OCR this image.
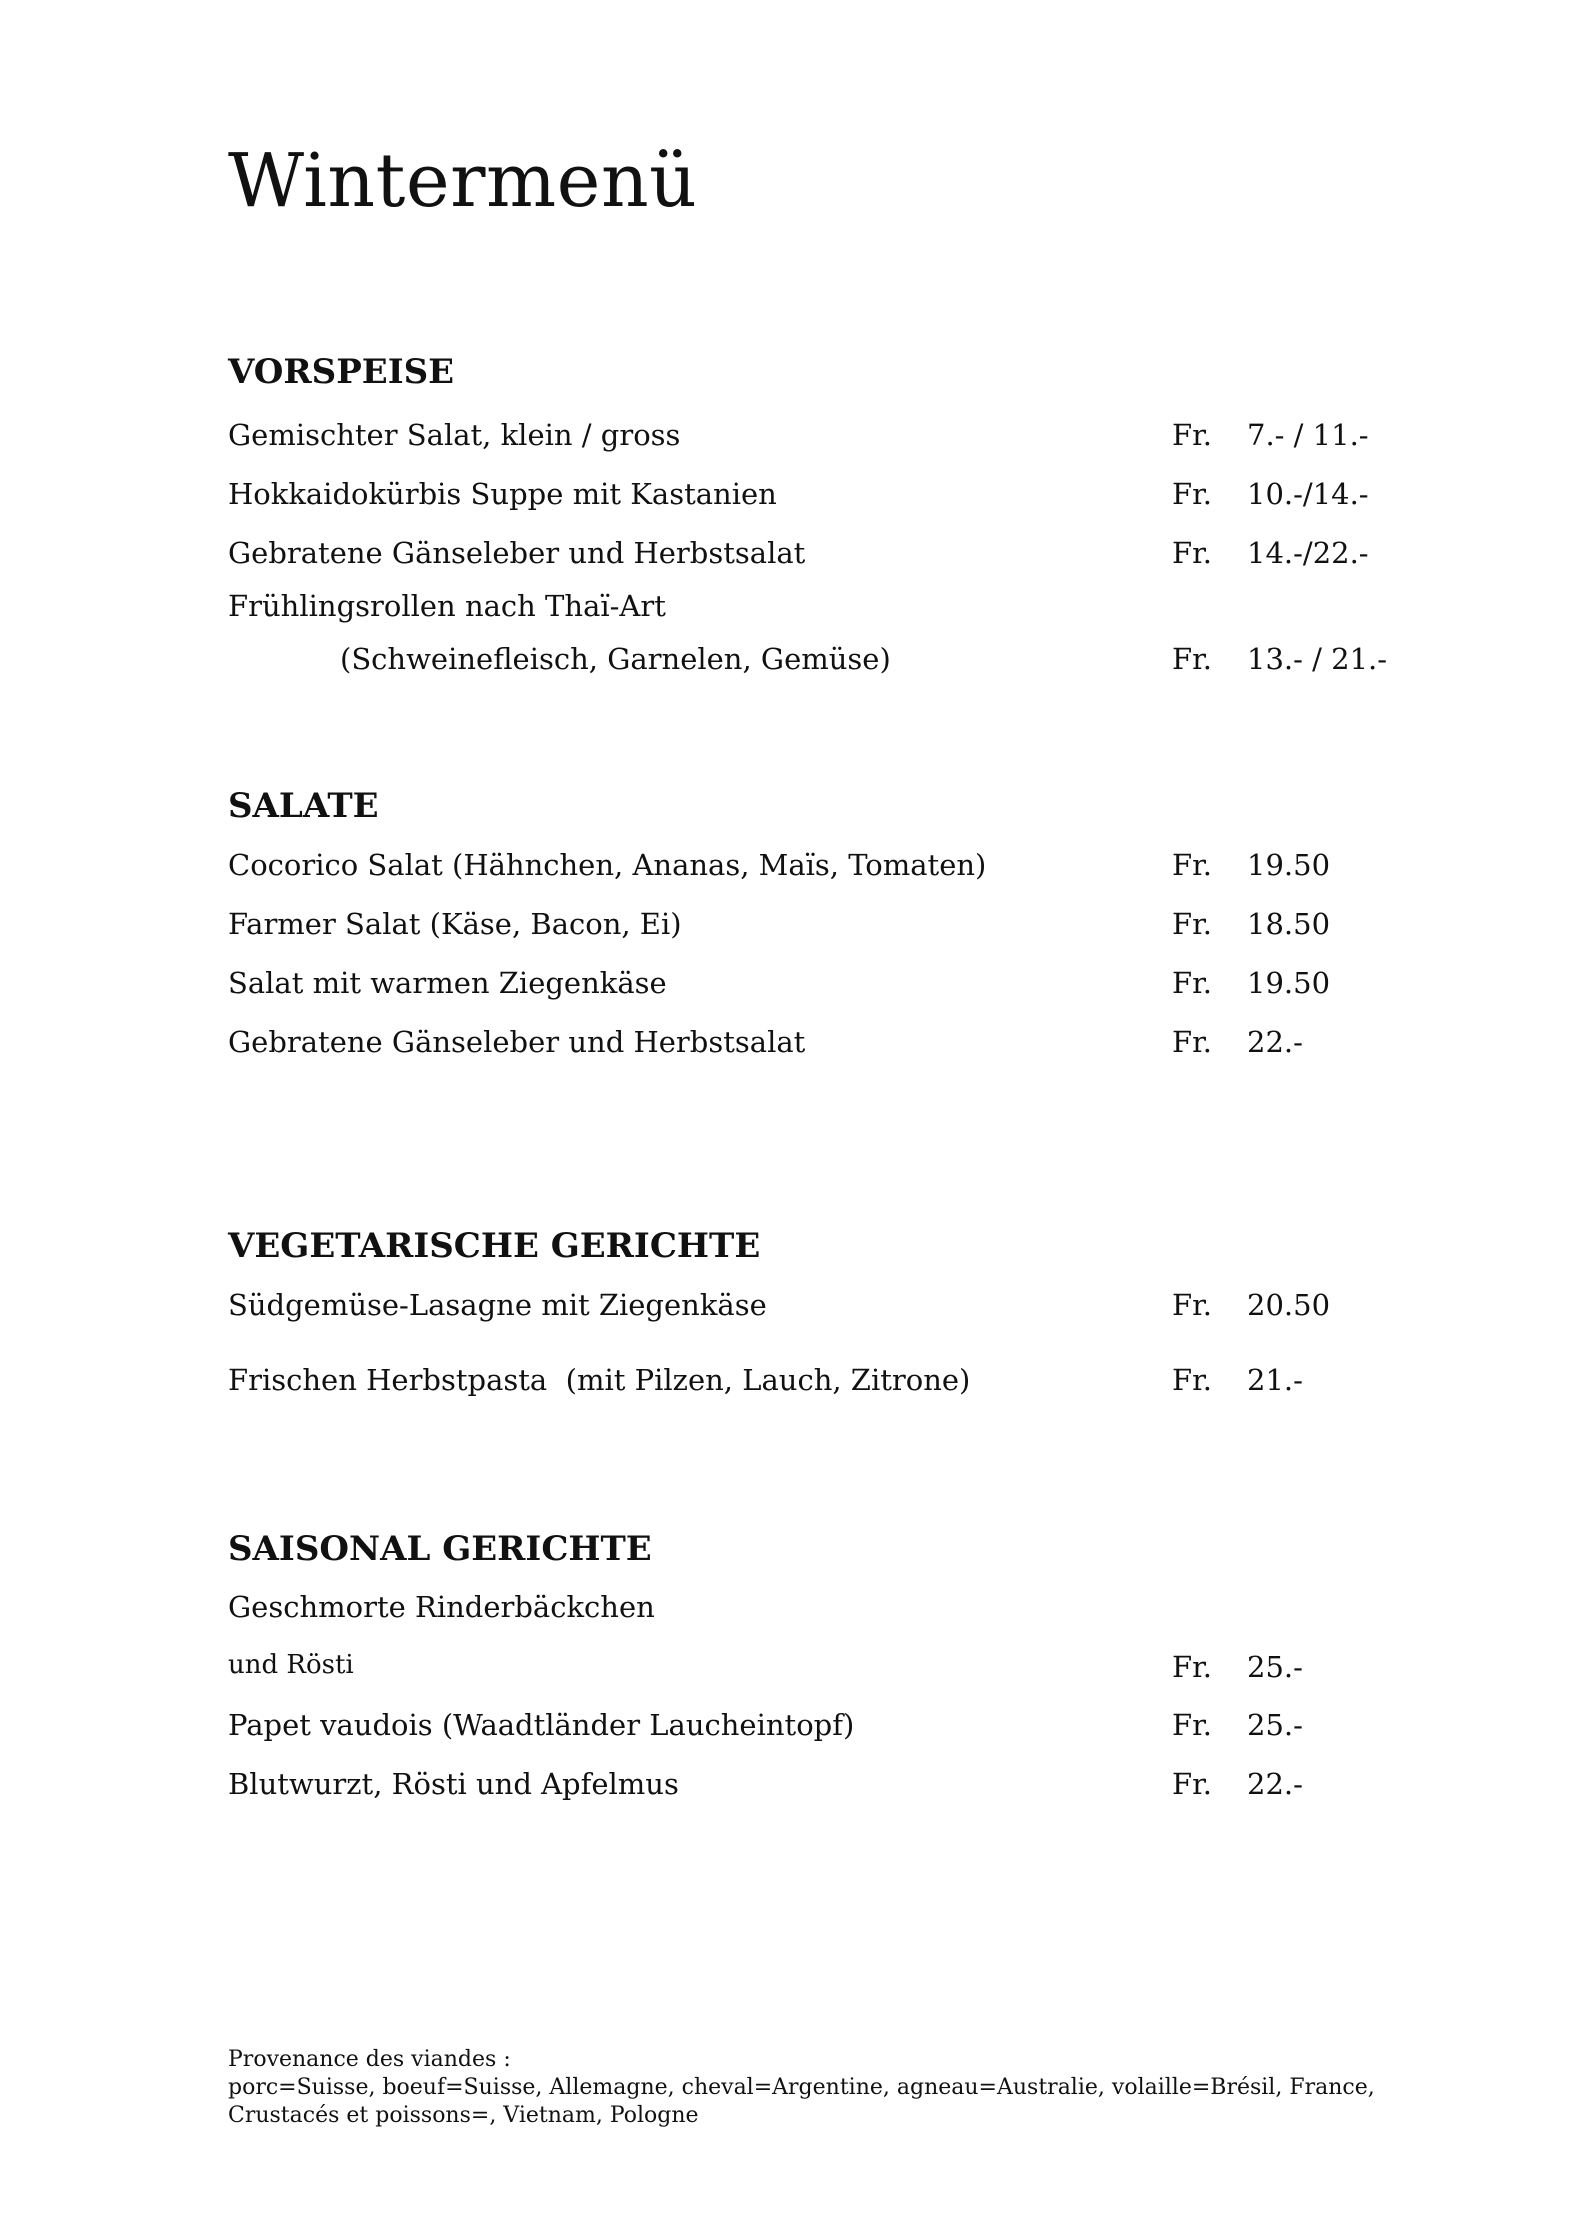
Wintermenü
VORSPEISE
Gemischter Salat, klein / gross	Fr. 7.- / 11.-
Hokkaidokürbis Suppe mit Kastanien	Fr. 10.-/14.-
Gebratene Gänseleber und Herbstsalat	Fr. 14.-/22.-
Frühlingsrollen nach Thaï-Art
(Schweinefleisch, Garnelen, Gemüse)	Fr. 13.- / 21.-
SALATE
Cocorico Salat (Hähnchen, Ananas, Maïs, Tomaten)	Fr. 19.50
Farmer Salat (Käse, Bacon, Ei)	Fr. 18.50
Salat mit warmen Ziegenkäse	Fr. 19.50
Gebratene Gänseleber und Herbstsalat	Fr. 22.-
VEGETARISCHE GERICHTE
Südgemüse-Lasagne mit Ziegenkäse	Fr. 20.50
Frischen Herbstpasta  (mit Pilzen, Lauch, Zitrone)	Fr. 21.-
SAISONAL GERICHTE
Geschmorte Rinderbäckchen
und Rösti	Fr. 25.-
Papet vaudois (Waadtländer Laucheintopf)	Fr. 25.-
Blutwurzt, Rösti und Apfelmus	Fr. 22.-
Provenance des viandes :
porc=Suisse, boeuf=Suisse, Allemagne, cheval=Argentine, agneau=Australie, volaille=Brésil, France,
Crustacés et poissons=, Vietnam, Pologne
